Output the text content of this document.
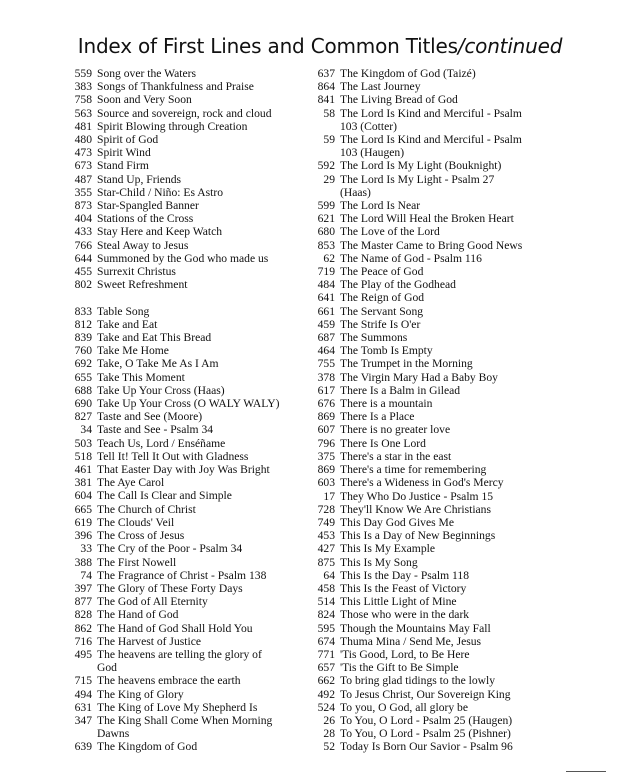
Index of First Lines and Common Titles/continued
559 Song over the Waters
383 Songs of Thankfulness and Praise
758 Soon and Very Soon
563 Source and sovereign, rock and cloud
481 Spirit Blowing through Creation
480 Spirit of God
473 Spirit Wind
673 Stand Firm
487 Stand Up, Friends
355 Star-Child / Niño: Es Astro
873 Star-Spangled Banner
404 Stations of the Cross
433 Stay Here and Keep Watch
766 Steal Away to Jesus
644 Summoned by the God who made us
455 Surrexit Christus
802 Sweet Refreshment
833 Table Song
812 Take and Eat
839 Take and Eat This Bread
760 Take Me Home
692 Take, O Take Me As I Am
655 Take This Moment
688 Take Up Your Cross (Haas)
690 Take Up Your Cross (O WALY WALY)
827 Taste and See (Moore)
34 Taste and See - Psalm 34
503 Teach Us, Lord / Enséñame
518 Tell It! Tell It Out with Gladness
461 That Easter Day with Joy Was Bright
381 The Aye Carol
604 The Call Is Clear and Simple
665 The Church of Christ
619 The Clouds' Veil
396 The Cross of Jesus
33 The Cry of the Poor - Psalm 34
388 The First Nowell
74 The Fragrance of Christ - Psalm 138
397 The Glory of These Forty Days
877 The God of All Eternity
828 The Hand of God
862 The Hand of God Shall Hold You
716 The Harvest of Justice
495 The heavens are telling the glory of
God
715 The heavens embrace the earth
494 The King of Glory
631 The King of Love My Shepherd Is
347 The King Shall Come When Morning
Dawns
639 The Kingdom of God
637 The Kingdom of God (Taizé)
864 The Last Journey
841 The Living Bread of God
58 The Lord Is Kind and Merciful - Psalm
103 (Cotter)
59 The Lord Is Kind and Merciful - Psalm
103 (Haugen)
592 The Lord Is My Light (Bouknight)
29 The Lord Is My Light - Psalm 27
(Haas)
599 The Lord Is Near
621 The Lord Will Heal the Broken Heart
680 The Love of the Lord
853 The Master Came to Bring Good News
62 The Name of God - Psalm 116
719 The Peace of God
484 The Play of the Godhead
641 The Reign of God
661 The Servant Song
459 The Strife Is O'er
687 The Summons
464 The Tomb Is Empty
755 The Trumpet in the Morning
378 The Virgin Mary Had a Baby Boy
617 There Is a Balm in Gilead
676 There is a mountain
869 There Is a Place
607 There is no greater love
796 There Is One Lord
375 There's a star in the east
869 There's a time for remembering
603 There's a Wideness in God's Mercy
17 They Who Do Justice - Psalm 15
728 They'll Know We Are Christians
749 This Day God Gives Me
453 This Is a Day of New Beginnings
427 This Is My Example
875 This Is My Song
64 This Is the Day - Psalm 118
458 This Is the Feast of Victory
514 This Little Light of Mine
824 Those who were in the dark
595 Though the Mountains May Fall
674 Thuma Mina / Send Me, Jesus
771 'Tis Good, Lord, to Be Here
657 'Tis the Gift to Be Simple
662 To bring glad tidings to the lowly
492 To Jesus Christ, Our Sovereign King
524 To you, O God, all glory be
26 To You, O Lord - Psalm 25 (Haugen)
28 To You, O Lord - Psalm 25 (Pishner)
52 Today Is Born Our Savior - Psalm 96
